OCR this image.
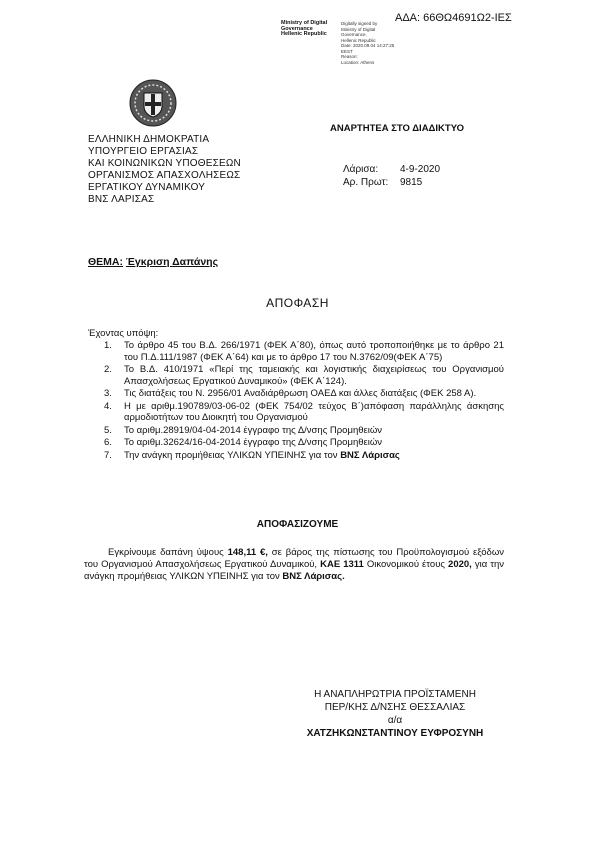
ΑΔΑ: 66ΘΩ4691Ω2-ΙΕΣ
Ministry of Digital
Governance
Hellenic Republic
Digitally signed by
Ministry of Digital
Governance,
Hellenic Republic
Date: 2020.09.04 14:27:25
EEST
Reason:
Location: Athens
ΕΛΛΗΝΙΚΗ ΔΗΜΟΚΡΑΤΙΑ
ΥΠΟΥΡΓΕΙΟ ΕΡΓΑΣΙΑΣ
ΚΑΙ ΚΟΙΝΩΝΙΚΩΝ ΥΠΟΘΕΣΕΩΝ
ΟΡΓΑΝΙΣΜΟΣ ΑΠΑΣΧΟΛΗΣΕΩΣ
ΕΡΓΑΤΙΚΟΥ ΔΥΝΑΜΙΚΟΥ
ΒΝΣ ΛΑΡΙΣΑΣ
ΑΝΑΡΤΗΤΕΑ ΣΤΟ ΔΙΑΔΙΚΤΥΟ
Λάρισα: 4-9-2020
Αρ. Πρωτ: 9815
ΘΕΜΑ: Έγκριση Δαπάνης
ΑΠΟΦΑΣΗ
Έχοντας υπόψη:
1. Το άρθρο 45 του Β.Δ. 266/1971 (ΦΕΚ Α΄80), όπως αυτό τροποποιήθηκε με το άρθρο 21 του Π.Δ.111/1987 (ΦΕΚ Α΄64) και με το άρθρο 17 του Ν.3762/09(ΦΕΚ Α΄75)
2. Το Β.Δ. 410/1971 «Περί της ταμειακής και λογιστικής διαχειρίσεως του Οργανισμού Απασχολήσεως Εργατικού Δυναμικού» (ΦΕΚ Α΄124).
3. Τις διατάξεις του Ν. 2956/01 Αναδιάρθρωση ΟΑΕΔ και άλλες διατάξεις (ΦΕΚ 258 Α).
4. Η με αριθμ.190789/03-06-02 (ΦΕΚ 754/02 τεύχος Β΄)απόφαση παράλληλης άσκησης αρμοδιοτήτων του Διοικητή του Οργανισμού
5. Το αριθμ.28919/04-04-2014 έγγραφο της Δ/νσης Προμηθειών
6. Το αριθμ.32624/16-04-2014 έγγραφο της Δ/νσης Προμηθειών
7. Την ανάγκη προμήθειας ΥΛΙΚΩΝ ΥΠΕΙΝΗΣ για τον ΒΝΣ Λάρισας
ΑΠΟΦΑΣΙΖΟΥΜΕ

Εγκρίνουμε δαπάνη ύψους 148,11 €, σε βάρος της πίστωσης του Προϋπολογισμού εξόδων του Οργανισμού Απασχολήσεως Εργατικού Δυναμικού, ΚΑΕ 1311 Οικονομικού έτους 2020, για την ανάγκη προμήθειας ΥΛΙΚΩΝ ΥΠΕΙΝΗΣ για τον ΒΝΣ Λάρισας.

Η ΑΝΑΠΛΗΡΩΤΡΙΑ ΠΡΟΪΣΤΑΜΕΝΗ
ΠΕΡ/ΚΗΣ Δ/ΝΣΗΣ ΘΕΣΣΑΛΙΑΣ
α/α
ΧΑΤΖΗΚΩΝΣΤΑΝΤΙΝΟΥ ΕΥΦΡΟΣΥΝΗ
